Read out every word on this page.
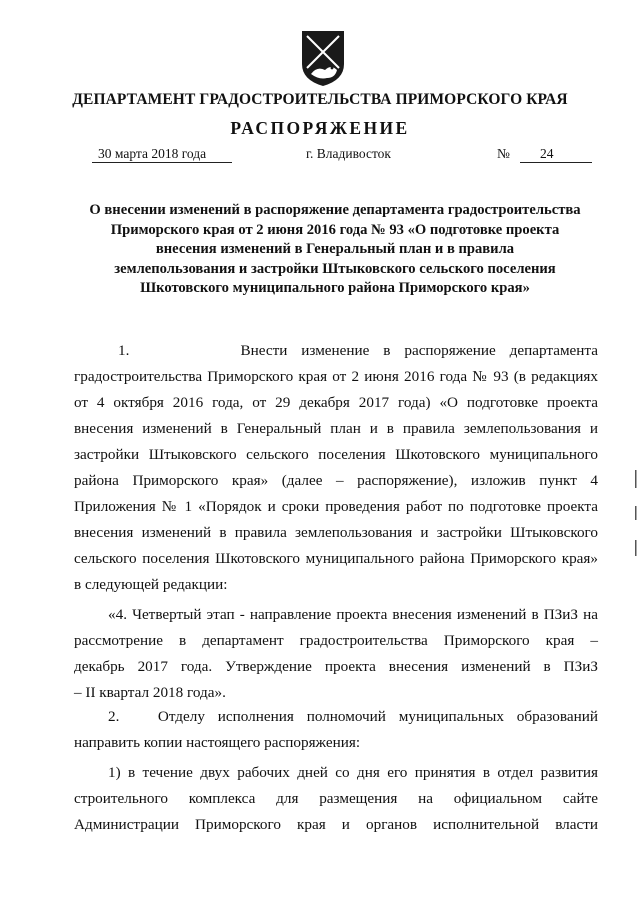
ДЕПАРТАМЕНТ ГРАДОСТРОИТЕЛЬСТВА ПРИМОРСКОГО КРАЯ
РАСПОРЯЖЕНИЕ
30 марта 2018 года	г. Владивосток	№	24
О внесении изменений в распоряжение департамента градостроительства
Приморского края от 2 июня 2016 года № 93 «О подготовке проекта
внесения изменений в Генеральный план и в правила
землепользования и застройки Штыковского сельского поселения
Шкотовского муниципального района Приморского края»
1.        Внести изменение в распоряжение департамента
градостроительства Приморского края от 2 июня 2016 года № 93 (в редакциях
от 4 октября 2016 года, от 29 декабря 2017 года) «О подготовке проекта
внесения изменений в Генеральный план и в правила землепользования и
застройки Штыковского сельского поселения Шкотовского муниципального
района Приморского края» (далее – распоряжение), изложив пункт 4
Приложения № 1 «Порядок и сроки проведения работ по подготовке проекта
внесения изменений в правила землепользования и застройки Штыковского
сельского поселения Шкотовского муниципального района Приморского края»
в следующей редакции:
«4. Четвертый этап - направление проекта внесения изменений в ПЗиЗ на
рассмотрение в департамент градостроительства Приморского края –
декабрь 2017 года. Утверждение проекта внесения изменений в ПЗиЗ
– II квартал 2018 года».
2.   Отделу исполнения полномочий муниципальных образований
направить копии настоящего распоряжения:
1) в течение двух рабочих дней со дня его принятия в отдел развития
строительного комплекса для размещения на официальном сайте
Администрации Приморского края и органов исполнительной власти
